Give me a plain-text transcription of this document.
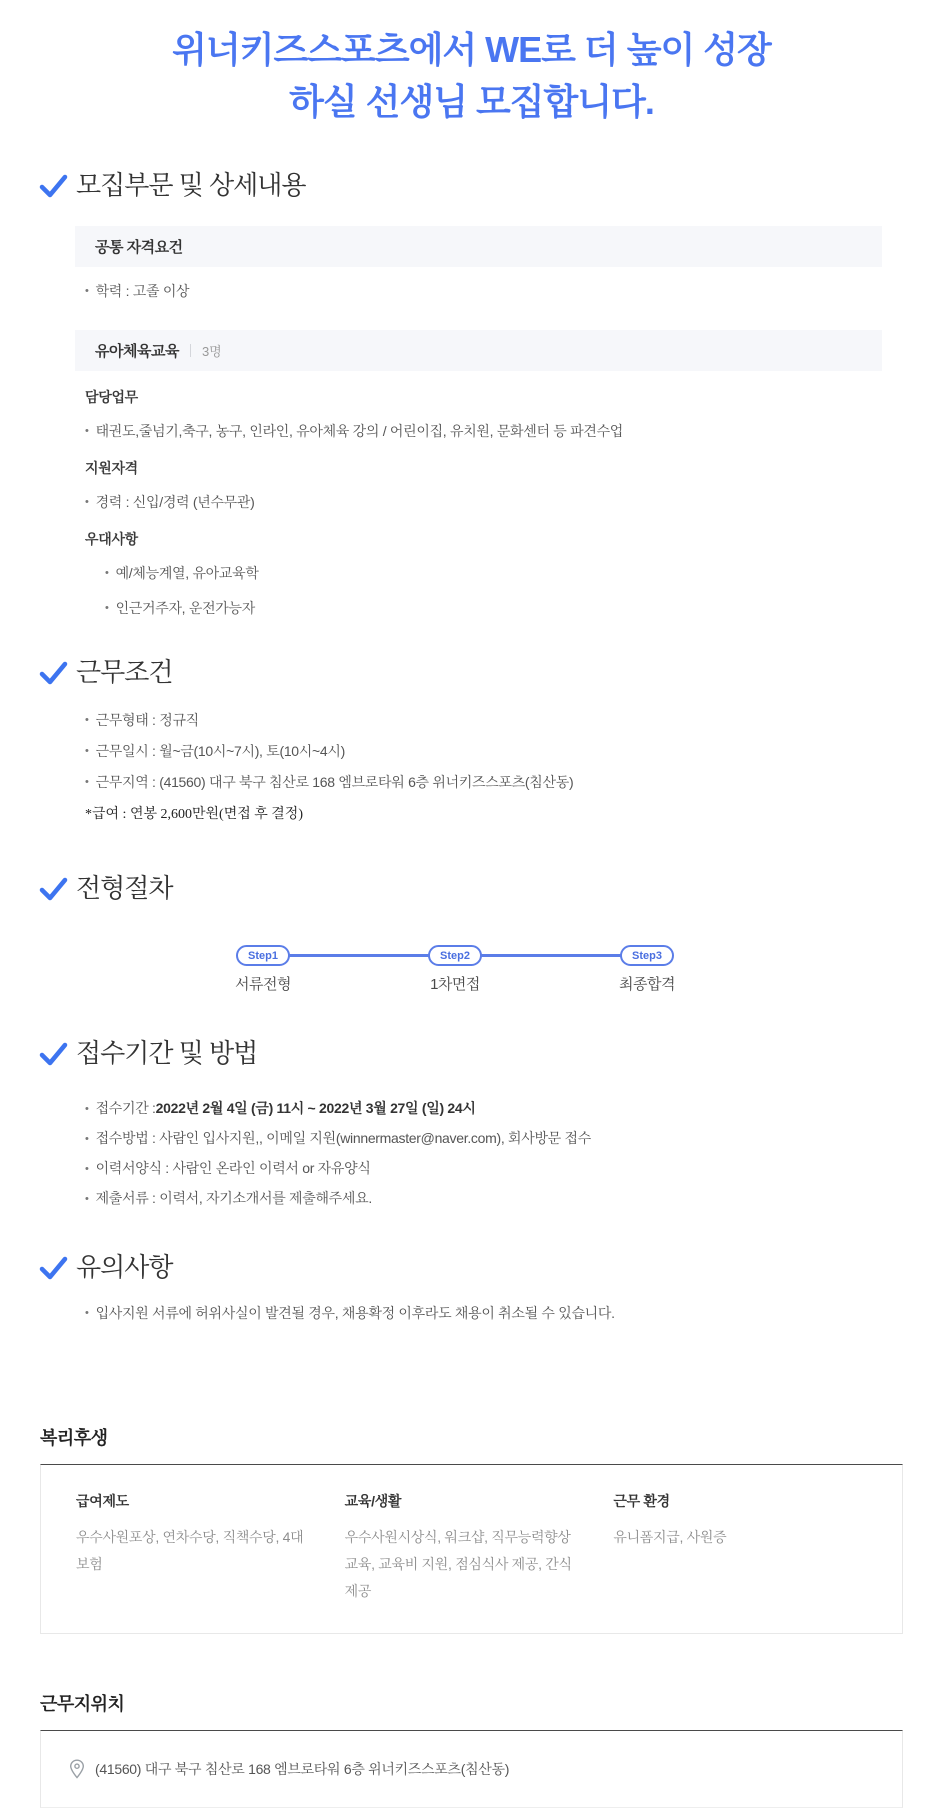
위너키즈스포츠에서 WE로 더 높이 성장
하실 선생님 모집합니다.
모집부문 및 상세내용
공통 자격요건
• 학력 : 고졸 이상
유아체육교육 3명
담당업무
• 태권도,줄넘기,축구, 농구, 인라인, 유아체육 강의 / 어린이집, 유치원, 문화센터 등 파견수업
지원자격
• 경력 : 신입/경력 (년수무관)
우대사항
• 예/체능계열, 유아교육학
• 인근거주자, 운전가능자
근무조건
• 근무형태 : 정규직
• 근무일시 : 월~금(10시~7시), 토(10시~4시)
• 근무지역 : (41560) 대구 북구 침산로 168 엠브로타워 6층 위너키즈스포츠(침산동)
*급여 : 연봉 2,600만원(면접 후 결정)
전형절차
Step1
서류전형
Step2
1차면접
Step3
최종합격
접수기간 및 방법
• 접수기간 : 2022년 2월 4일 (금) 11시 ~ 2022년 3월 27일 (일) 24시
• 접수방법 : 사람인 입사지원,, 이메일 지원(winnermaster@naver.com), 회사방문 접수
• 이력서양식 : 사람인 온라인 이력서 or 자유양식
• 제출서류 : 이력서, 자기소개서를 제출해주세요.
유의사항
• 입사지원 서류에 허위사실이 발견될 경우, 채용확정 이후라도 채용이 취소될 수 있습니다.
복리후생
급여제도
우수사원포상, 연차수당, 직책수당, 4대 보험
교육/생활
우수사원시상식, 워크샵, 직무능력향상교육, 교육비 지원, 점심식사 제공, 간식 제공
근무 환경
유니폼지급, 사원증
근무지위치
(41560) 대구 북구 침산로 168 엠브로타워 6층 위너키즈스포츠(침산동)
